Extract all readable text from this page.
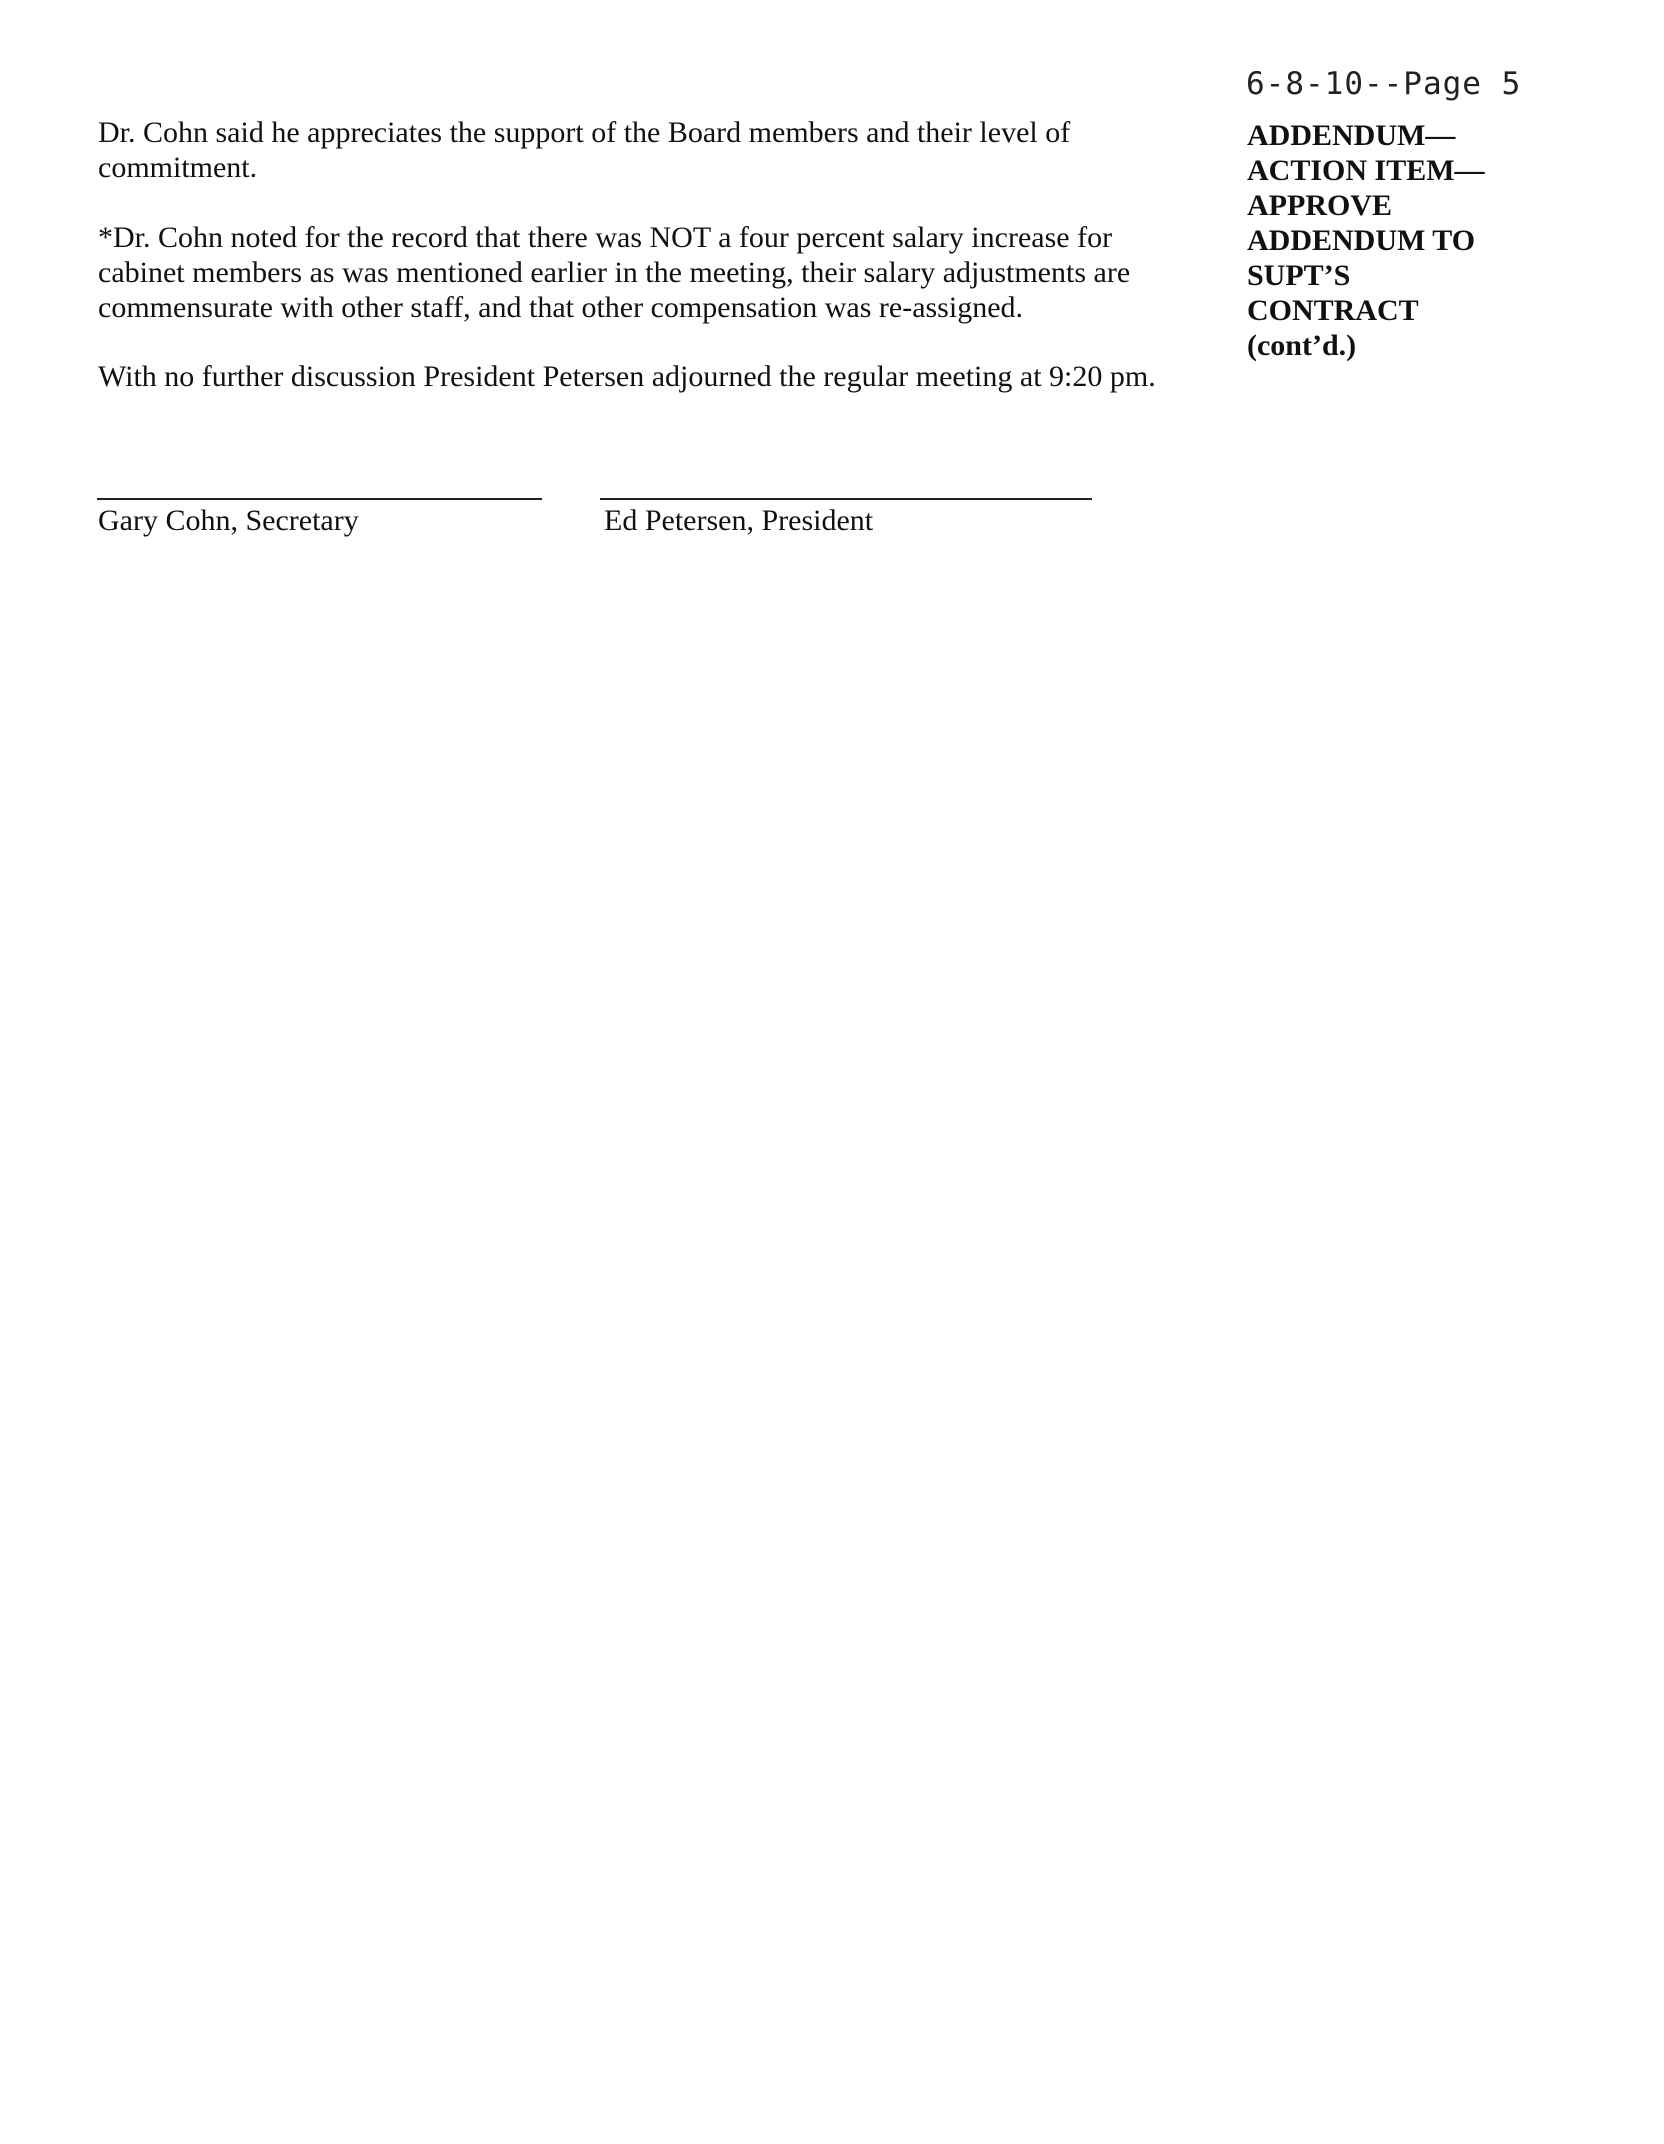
6-8-10--Page 5
ADDENDUM—
ACTION ITEM—
APPROVE
ADDENDUM TO
SUPT’S
CONTRACT
(cont’d.)
Dr. Cohn said he appreciates the support of the Board members and their level of
commitment.
*Dr. Cohn noted for the record that there was NOT a four percent salary increase for
cabinet members as was mentioned earlier in the meeting, their salary adjustments are
commensurate with other staff, and that other compensation was re-assigned.
With no further discussion President Petersen adjourned the regular meeting at 9:20 pm.
Gary Cohn, Secretary	Ed Petersen, President
